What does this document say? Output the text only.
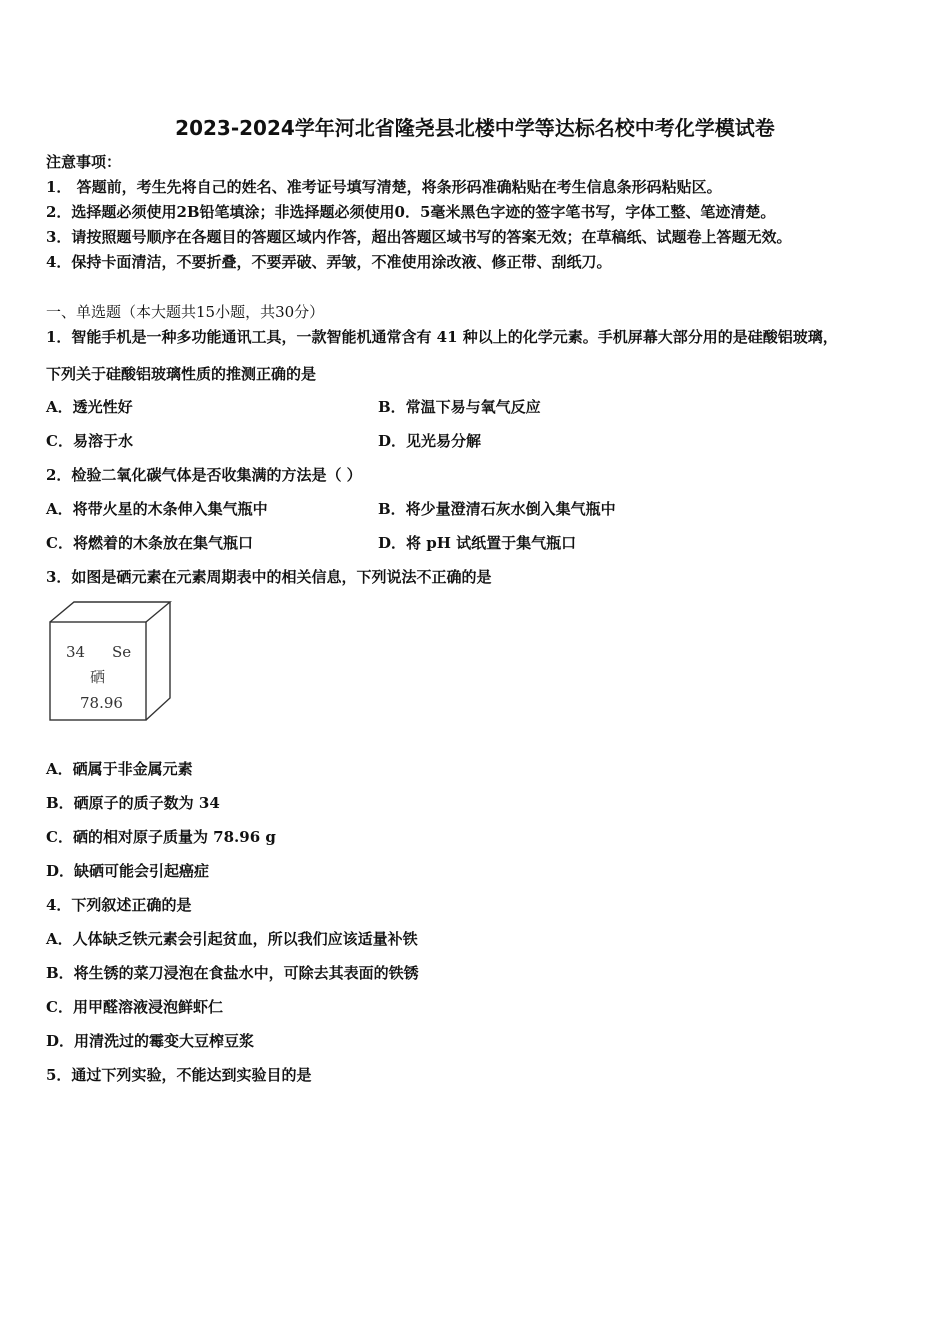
2023-2024学年河北省隆尧县北楼中学等达标名校中考化学模试卷
注意事项：
1． 答题前，考生先将自己的姓名、准考证号填写清楚，将条形码准确粘贴在考生信息条形码粘贴区。
2．选择题必须使用2B铅笔填涂；非选择题必须使用0．5毫米黑色字迹的签字笔书写，字体工整、笔迹清楚。
3．请按照题号顺序在各题目的答题区域内作答，超出答题区域书写的答案无效；在草稿纸、试题卷上答题无效。
4．保持卡面清洁，不要折叠，不要弄破、弄皱，不准使用涂改液、修正带、刮纸刀。
一、单选题（本大题共15小题，共30分）
1．智能手机是一种多功能通讯工具，一款智能机通常含有 41 种以上的化学元素。手机屏幕大部分用的是硅酸铝玻璃，
下列关于硅酸铝玻璃性质的推测正确的是
A．透光性好	B．常温下易与氧气反应
C．易溶于水	D．见光易分解
2．检验二氧化碳气体是否收集满的方法是（ ）
A．将带火星的木条伸入集气瓶中	B．将少量澄清石灰水倒入集气瓶中
C．将燃着的木条放在集气瓶口	D．将 pH 试纸置于集气瓶口
3．如图是硒元素在元素周期表中的相关信息，下列说法不正确的是
34 Se
硒
78.96
A．硒属于非金属元素
B．硒原子的质子数为 34
C．硒的相对原子质量为 78.96 g
D．缺硒可能会引起癌症
4．下列叙述正确的是
A．人体缺乏铁元素会引起贫血，所以我们应该适量补铁
B．将生锈的菜刀浸泡在食盐水中，可除去其表面的铁锈
C．用甲醛溶液浸泡鲜虾仁
D．用清洗过的霉变大豆榨豆浆
5．通过下列实验，不能达到实验目的是
